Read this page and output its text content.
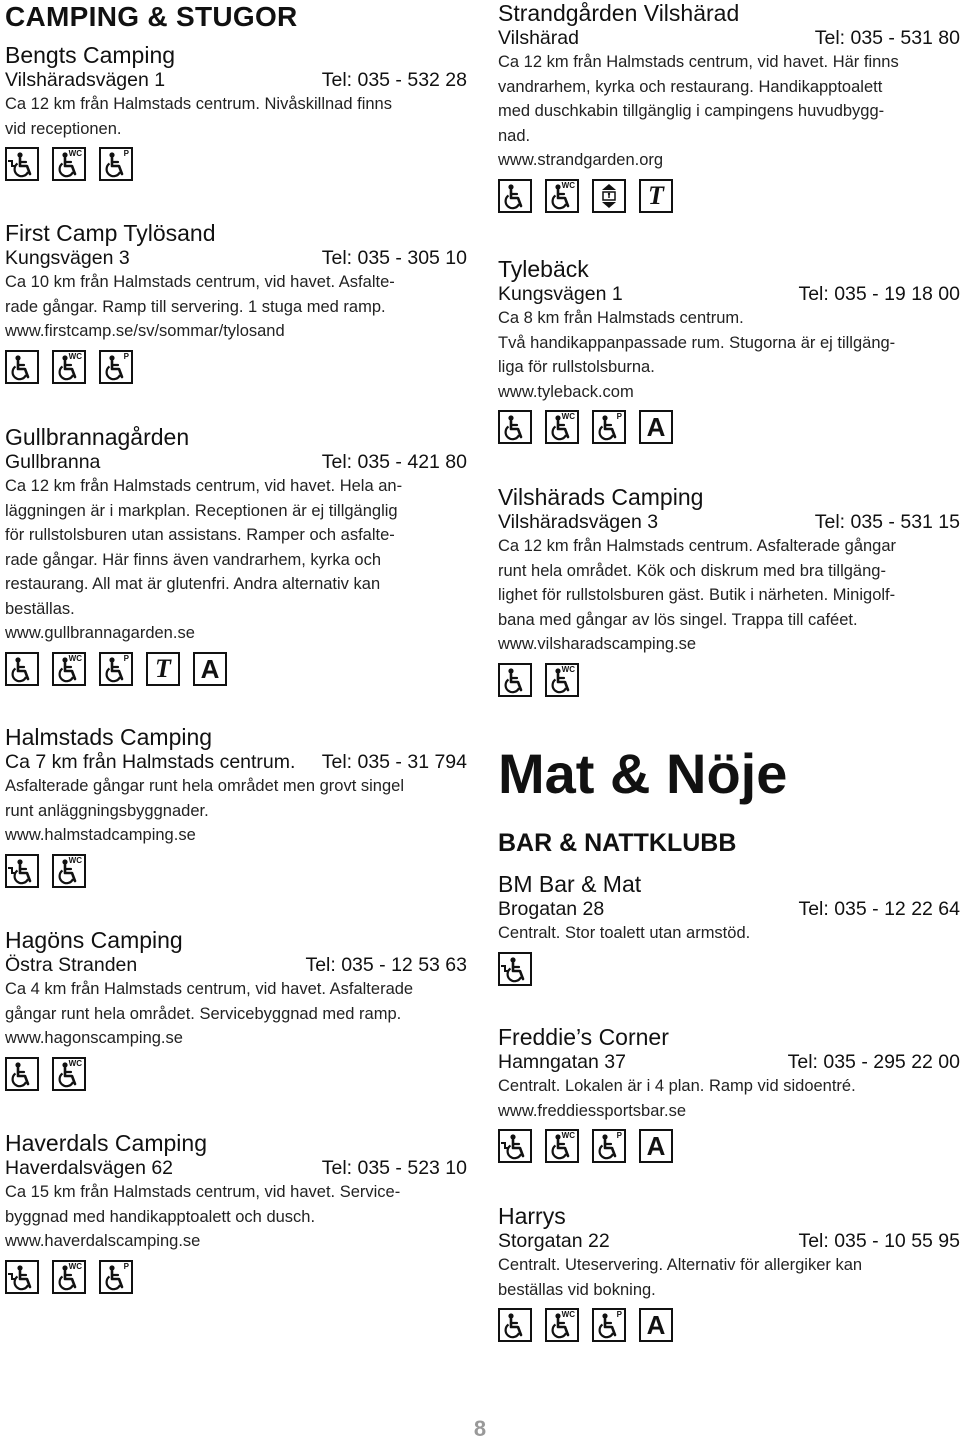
CAMPING & STUGOR
Bengts Camping
Vilshäradsvägen 1	Tel: 035 - 532 28
Ca 12 km från Halmstads centrum. Nivåskillnad finns
vid receptionen.
WC	P
First Camp Tylösand
Kungsvägen 3	Tel: 035 - 305 10
Ca 10 km från Halmstads centrum, vid havet. Asfalte-
rade gångar. Ramp till servering. 1 stuga med ramp.
www.firstcamp.se/sv/sommar/tylosand
WC	P
Gullbrannagården
Gullbranna	Tel: 035 - 421 80
Ca 12 km från Halmstads centrum, vid havet. Hela an-
läggningen är i markplan. Receptionen är ej tillgänglig
för rullstolsburen utan assistans. Ramper och asfalte-
rade gångar. Här finns även vandrarhem, kyrka och
restaurang. All mat är glutenfri. Andra alternativ kan
beställas.
www.gullbrannagarden.se
WC	P T A
Halmstads Camping
Ca 7 km från Halmstads centrum. Tel: 035 - 31 794
Asfalterade gångar runt hela området men grovt singel
runt anläggningsbyggnader.
www.halmstadcamping.se
WC
Hagöns Camping
Östra Stranden	Tel: 035 - 12 53 63
Ca 4 km från Halmstads centrum, vid havet. Asfalterade
gångar runt hela området. Servicebyggnad med ramp.
www.hagonscamping.se
WC
Haverdals Camping
Haverdalsvägen 62	Tel: 035 - 523 10
Ca 15 km från Halmstads centrum, vid havet. Service-
byggnad med handikapptoalett och dusch.
www.haverdalscamping.se
WC	P
Strandgården Vilshärad
Vilshärad	Tel: 035 - 531 80
Ca 12 km från Halmstads centrum, vid havet. Här finns
vandrarhem, kyrka och restaurang. Handikapptoalett
med duschkabin tillgänglig i campingens huvudbygg-
nad.
www.strandgarden.org
WC	T
Tylebäck
Kungsvägen 1	Tel: 035 - 19 18 00
Ca 8 km från Halmstads centrum.
Två handikappanpassade rum. Stugorna är ej tillgäng-
liga för rullstolsburna.
www.tyleback.com
WC	P A
Vilshärads Camping
Vilshäradsvägen 3	Tel: 035 - 531 15
Ca 12 km från Halmstads centrum. Asfalterade gångar
runt hela området. Kök och diskrum med bra tillgäng-
lighet för rullstolsburen gäst. Butik i närheten. Minigolf-
bana med gångar av lös singel. Trappa till caféet.
www.vilsharadscamping.se
WC
Mat & Nöje
BAR & NATTKLUBB
BM Bar & Mat
Brogatan 28	Tel: 035 - 12 22 64
Centralt. Stor toalett utan armstöd.
Freddie’s Corner
Hamngatan 37	Tel: 035 - 295 22 00
Centralt. Lokalen är i 4 plan. Ramp vid sidoentré.
www.freddiessportsbar.se
WC	P A
Harrys
Storgatan 22	Tel: 035 - 10 55 95
Centralt. Uteservering. Alternativ för allergiker kan
beställas vid bokning.
WC	P A
8
